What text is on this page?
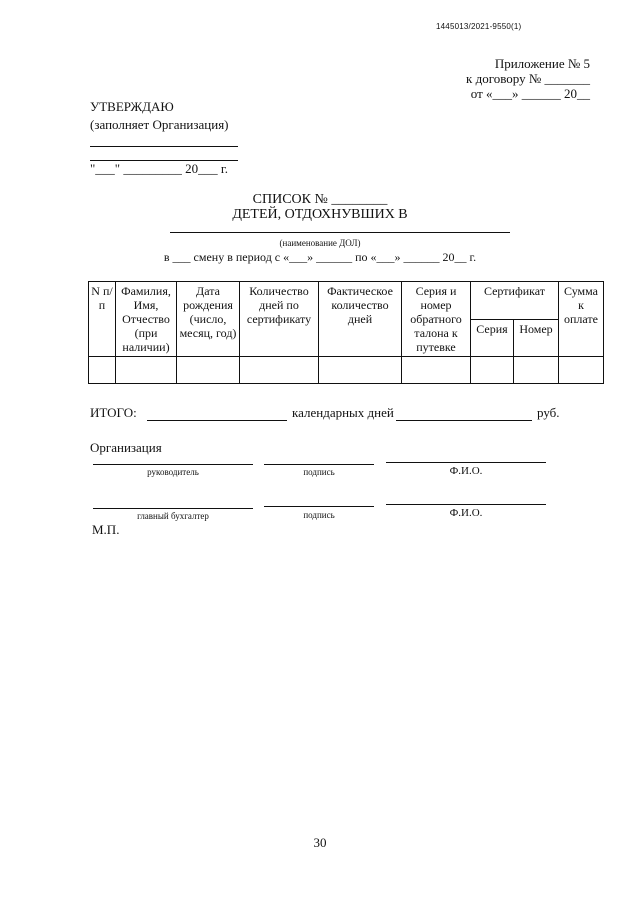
1445013/2021-9550(1)
Приложение № 5
к договору № _______
от «___» ______ 20__
УТВЕРЖДАЮ
(заполняет Организация)
"___" _________ 20___ г.
СПИСОК № ________
ДЕТЕЙ, ОТДОХНУВШИХ В
(наименование ДОЛ)
в ___ смену в период с «___» ______ по «___» ______ 20__ г.
N п/п	Фамилия, Имя, Отчество (при наличии)	Дата рождения (число, месяц, год)	Количество дней по сертификату	Фактическое количество дней	Серия и номер обратного талона к путевке	Сертификат		Сумма к оплате
						Серия	Номер	

ИТОГО:	календарных дней	руб.
Организация
руководитель	подпись	Ф.И.О.
главный бухгалтер	подпись	Ф.И.О.
М.П.
30
